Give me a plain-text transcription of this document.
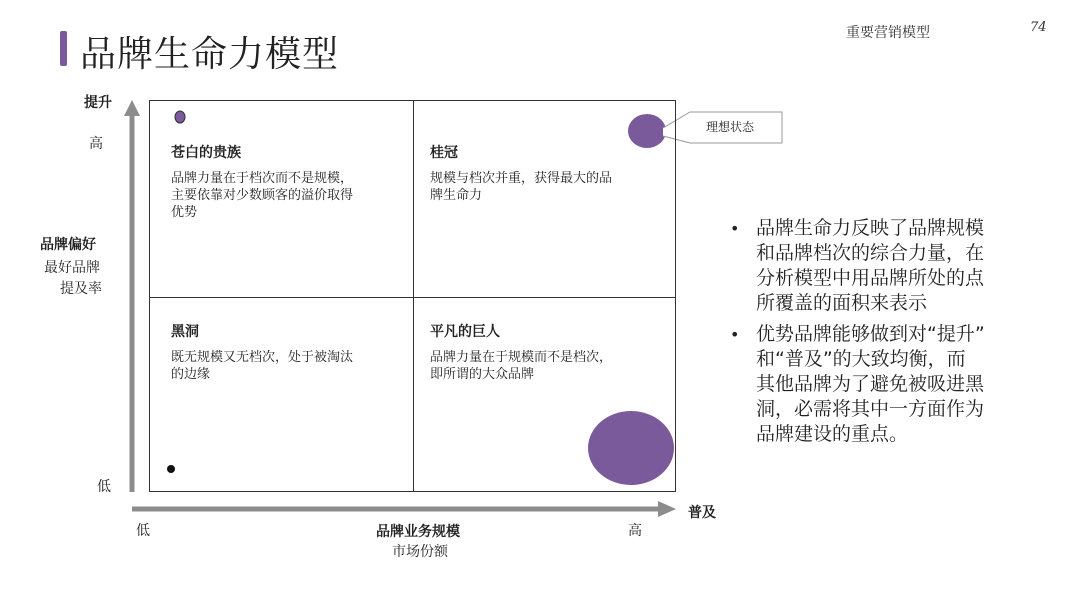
品牌生命力模型
重要营销模型	74
理想状态
提升
高
低
品牌偏好
最好品牌
提及率
低	高
普及
品牌业务规模
市场份额
苍白的贵族
品牌力量在于档次而不是规模，
主要依靠对少数顾客的溢价取得
优势
桂冠
规模与档次并重，获得最大的品
牌生命力
黑洞
既无规模又无档次，处于被淘汰
的边缘
平凡的巨人
品牌力量在于规模而不是档次，
即所谓的大众品牌
• 品牌生命力反映了品牌规模
和品牌档次的综合力量，在
分析模型中用品牌所处的点
所覆盖的面积来表示
• 优势品牌能够做到对“提升”
和“普及”的大致均衡，而
其他品牌为了避免被吸进黑
洞，必需将其中一方面作为
品牌建设的重点。
